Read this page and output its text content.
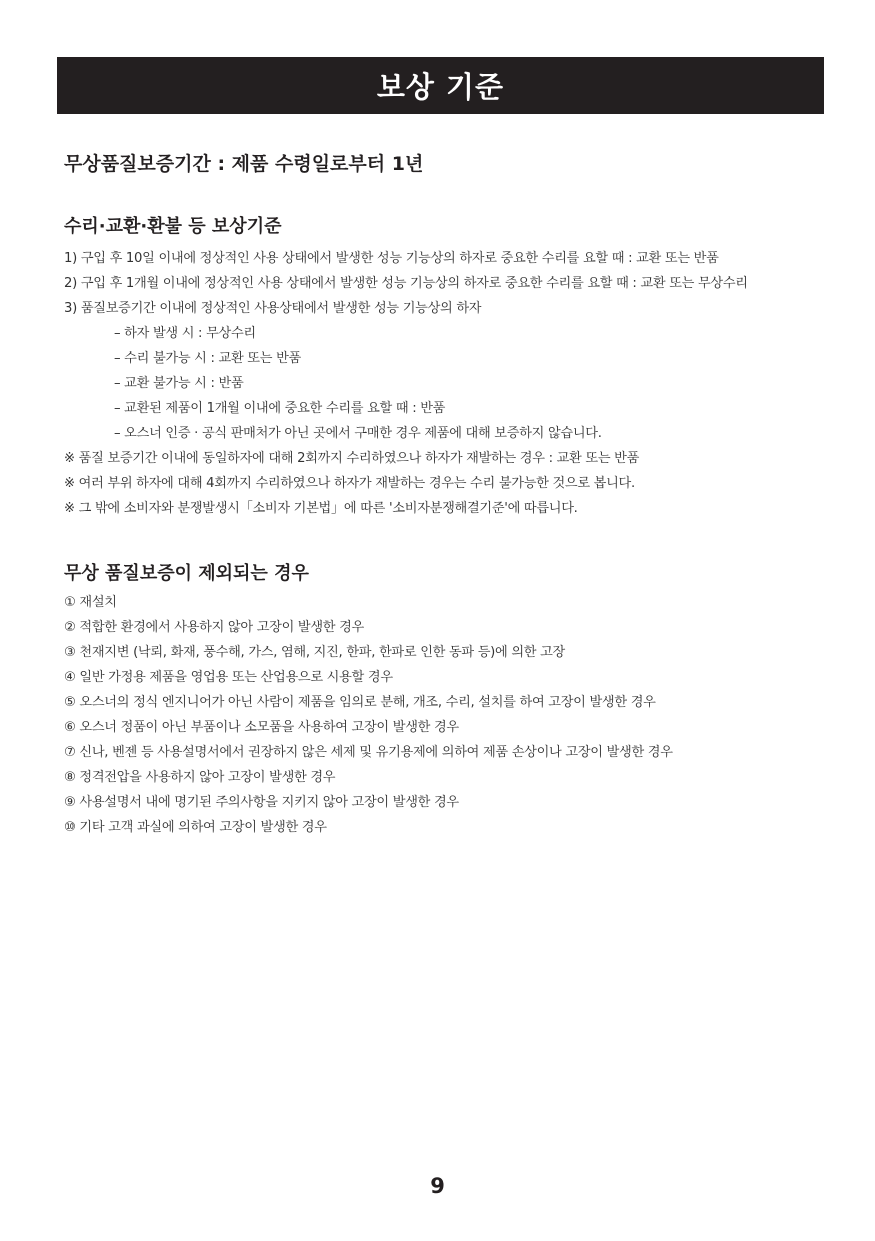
보상 기준
무상품질보증기간 : 제품 수령일로부터 1년
수리·교환·환불 등 보상기준
1) 구입 후 10일 이내에 정상적인 사용 상태에서 발생한 성능 기능상의 하자로 중요한 수리를 요할 때 : 교환 또는 반품
2) 구입 후 1개월 이내에 정상적인 사용 상태에서 발생한 성능 기능상의 하자로 중요한 수리를 요할 때 : 교환 또는 무상수리
3) 품질보증기간 이내에 정상적인 사용상태에서 발생한 성능 기능상의 하자
– 하자 발생 시 : 무상수리
– 수리 불가능 시 : 교환 또는 반품
– 교환 불가능 시 : 반품
– 교환된 제품이 1개월 이내에 중요한 수리를 요할 때 : 반품
– 오스너 인증 · 공식 판매처가 아닌 곳에서 구매한 경우 제품에 대해 보증하지 않습니다.
※ 품질 보증기간 이내에 동일하자에 대해 2회까지 수리하였으나 하자가 재발하는 경우 : 교환 또는 반품
※ 여러 부위 하자에 대해 4회까지 수리하였으나 하자가 재발하는 경우는 수리 불가능한 것으로 봅니다.
※ 그 밖에 소비자와 분쟁발생시「소비자 기본법」에 따른 '소비자분쟁해결기준'에 따릅니다.
무상 품질보증이 제외되는 경우
① 재설치
② 적합한 환경에서 사용하지 않아 고장이 발생한 경우
③ 천재지변 (낙뢰, 화재, 풍수해, 가스, 염해, 지진, 한파, 한파로 인한 동파 등)에 의한 고장
④ 일반 가정용 제품을 영업용 또는 산업용으로 시용할 경우
⑤ 오스너의 정식 엔지니어가 아닌 사람이 제품을 임의로 분해, 개조, 수리, 설치를 하여 고장이 발생한 경우
⑥ 오스너 정품이 아닌 부품이나 소모품을 사용하여 고장이 발생한 경우
⑦ 신나, 벤젠 등 사용설명서에서 권장하지 않은 세제 및 유기용제에 의하여 제품 손상이나 고장이 발생한 경우
⑧ 정격전압을 사용하지 않아 고장이 발생한 경우
⑨ 사용설명서 내에 명기된 주의사항을 지키지 않아 고장이 발생한 경우
⑩ 기타 고객 과실에 의하여 고장이 발생한 경우
9
